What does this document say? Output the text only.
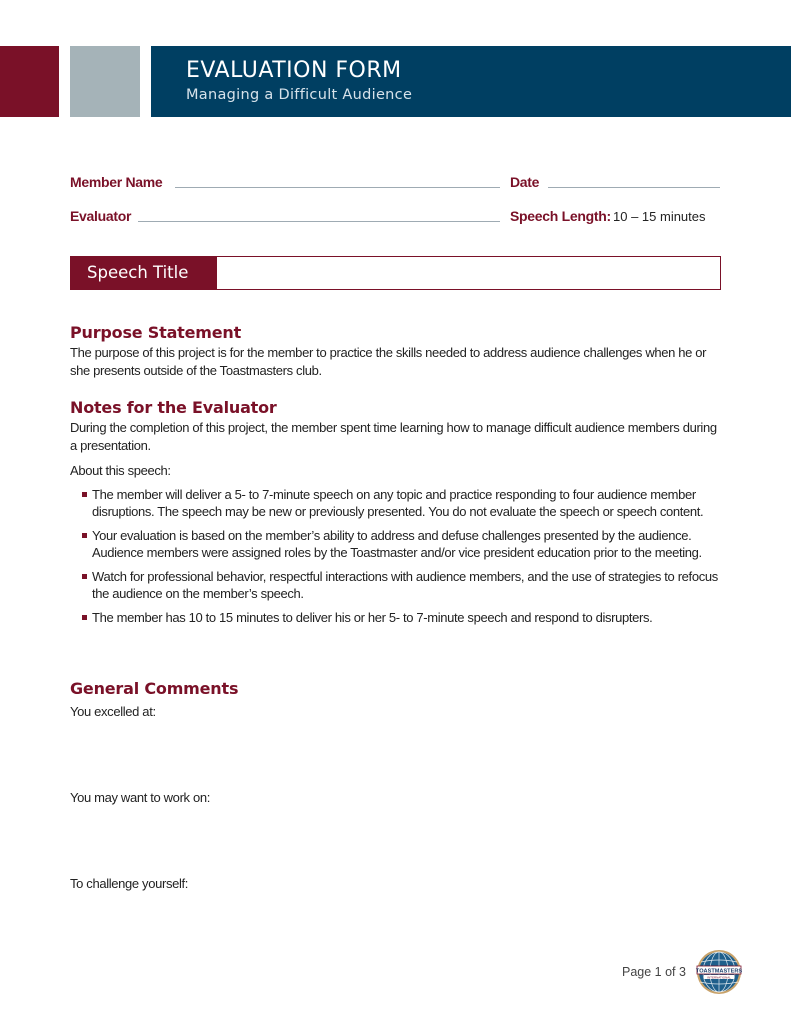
EVALUATION FORM
Managing a Difficult Audience
Member Name	Date
Evaluator	Speech Length: 10 – 15 minutes
Speech Title
Purpose Statement

The purpose of this project is for the member to practice the skills needed to address audience challenges when he or she presents outside of the Toastmasters club.

Notes for the Evaluator

During the completion of this project, the member spent time learning how to manage difficult audience members during a presentation.

About this speech:

The member will deliver a 5- to 7-minute speech on any topic and practice responding to four audience member disruptions. The speech may be new or previously presented. You do not evaluate the speech or speech content.
Your evaluation is based on the member’s ability to address and defuse challenges presented by the audience. Audience members were assigned roles by the Toastmaster and/or vice president education prior to the meeting.
Watch for professional behavior, respectful interactions with audience members, and the use of strategies to refocus the audience on the member’s speech.
The member has 10 to 15 minutes to deliver his or her 5- to 7-minute speech and respond to disrupters.
General Comments
You excelled at:
You may want to work on:
To challenge yourself:
Page 1 of 3 TOASTMASTERS
INTERNATIONAL
